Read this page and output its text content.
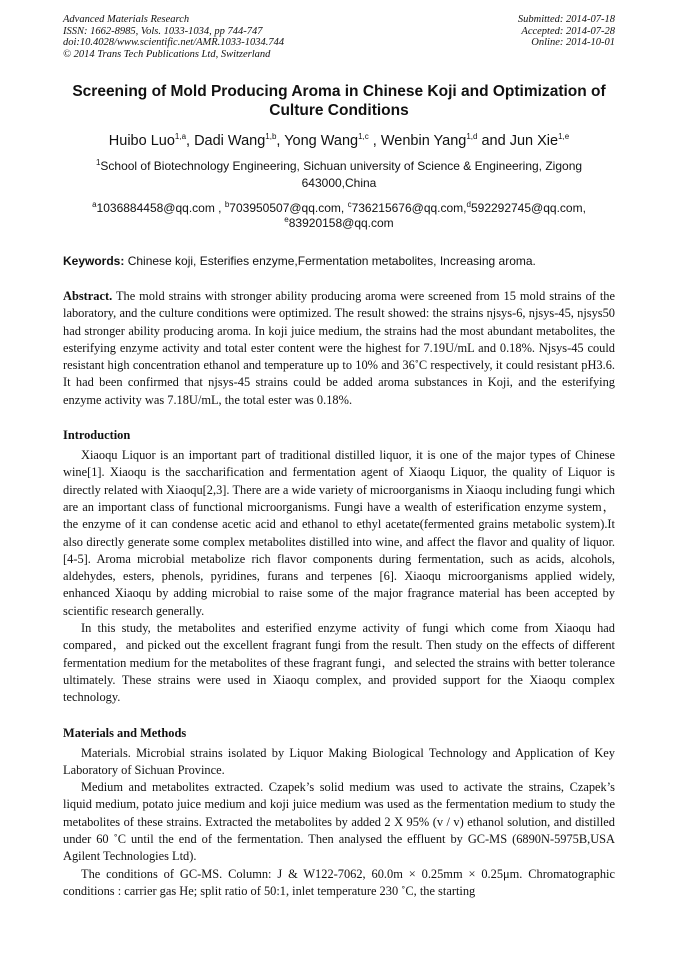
Advanced Materials Research
ISSN: 1662-8985, Vols. 1033-1034, pp 744-747
doi:10.4028/www.scientific.net/AMR.1033-1034.744
© 2014 Trans Tech Publications Ltd, Switzerland
Submitted: 2014-07-18
Accepted: 2014-07-28
Online: 2014-10-01
Screening of Mold Producing Aroma in Chinese Koji and Optimization of Culture Conditions
Huibo Luo$^{1,a}$, Dadi Wang$^{1,b}$, Yong Wang$^{1,c}$ , Wenbin Yang$^{1,d}$ and Jun Xie$^{1,e}$
$^1$School of Biotechnology Engineering, Sichuan university of Science & Engineering, Zigong
643000,China
$^a$1036884458@qq.com , $^b$703950507@qq.com, $^c$736215676@qq.com,$^d$592292745@qq.com,
$^e$83920158@qq.com
Keywords: Chinese koji, Esterifies enzyme,Fermentation metabolites, Increasing aroma.
Abstract. The mold strains with stronger ability producing aroma were screened from 15 mold strains of the laboratory, and the culture conditions were optimized. The result showed: the strains njsys-6, njsys-45, njsys50 had stronger ability producing aroma. In koji juice medium, the strains had the most abundant metabolites, the esterifying enzyme activity and total ester content were the highest for 7.19U/mL and 0.18%. Njsys-45 could resistant high concentration ethanol and temperature up to 10% and 36˚C respectively, it could resistant pH3.6. It had been confirmed that njsys-45 strains could be added aroma substances in Koji, and the esterifying enzyme activity was 7.18U/mL, the total ester was 0.18%.
Introduction

Xiaoqu Liquor is an important part of traditional distilled liquor, it is one of the major types of Chinese wine[1]. Xiaoqu is the saccharification and fermentation agent of Xiaoqu Liquor, the quality of Liquor is directly related with Xiaoqu[2,3]. There are a wide variety of microorganisms in Xiaoqu including fungi which are an important class of functional microorganisms. Fungi have a wealth of esterification enzyme system，the enzyme of it can condense acetic acid and ethanol to ethyl acetate(fermented grains metabolic system).It also directly generate some complex metabolites distilled into wine, and affect the flavor and quality of liquor.[4-5]. Aroma microbial metabolize rich flavor components during fermentation, such as acids, alcohols, aldehydes, esters, phenols, pyridines, furans and terpenes [6]. Xiaoqu microorganisms applied widely, enhanced Xiaoqu by adding microbial to raise some of the major fragrance material has been accepted by scientific research generally.

In this study, the metabolites and esterified enzyme activity of fungi which come from Xiaoqu had compared，and picked out the excellent fragrant fungi from the result. Then study on the effects of different fermentation medium for the metabolites of these fragrant fungi，and selected the strains with better tolerance ultimately. These strains were used in Xiaoqu complex, and provided support for the Xiaoqu complex technology.

Materials and Methods

Materials. Microbial strains isolated by Liquor Making Biological Technology and Application of Key Laboratory of Sichuan Province.

Medium and metabolites extracted. Czapek’s solid medium was used to activate the strains, Czapek’s liquid medium, potato juice medium and koji juice medium was used as the fermentation medium to study the metabolites of these strains. Extracted the metabolites by added 2 X 95% (v / v) ethanol solution, and distilled under 60 ˚C until the end of the fermentation. Then analysed the effluent by GC-MS (6890N-5975B,USA Agilent Technologies Ltd).

The conditions of GC-MS. Column: J & W122-7062, 60.0m × 0.25mm × 0.25μm. Chromatographic conditions : carrier gas He; split ratio of 50:1, inlet temperature 230 ˚C, the starting
